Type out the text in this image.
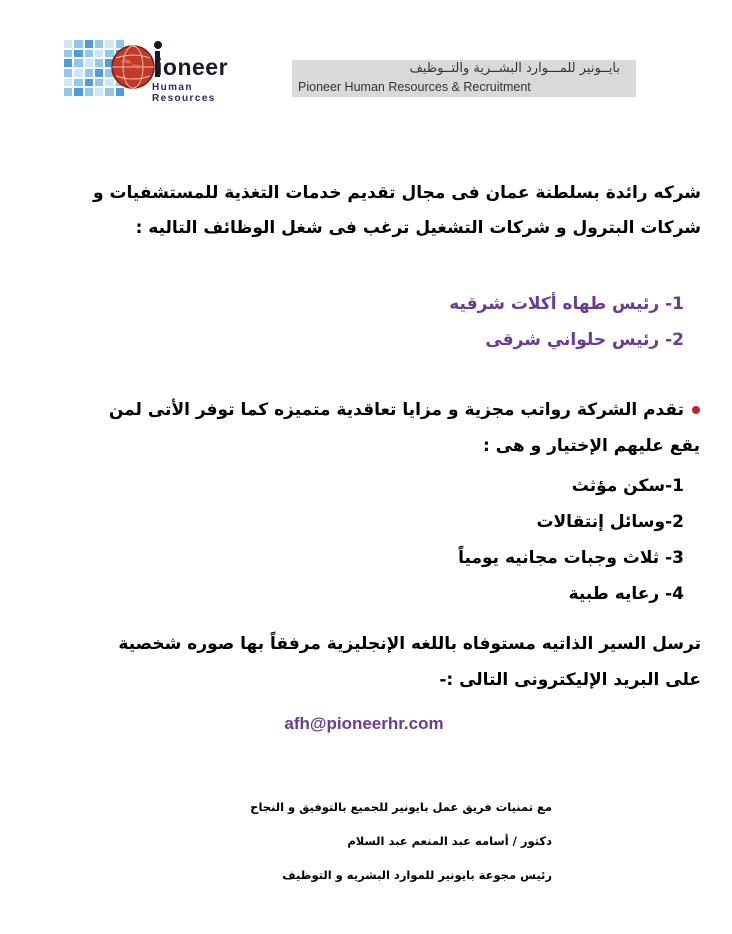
ioneer
Human Resources
بايــونير للمـــوارد البشــرية والتــوظيف
Pioneer Human Resources & Recruitment
شركه رائدة بسلطنة عمان فى مجال تقديم خدمات التغذية للمستشفيات و
شركات البترول و شركات التشغيل ترغب فى شغل الوظائف التاليه :
1- رئيس طهاه أكلات شرقيه
2- رئيس حلواني شرقى
تقدم الشركة رواتب مجزية و مزايا تعاقدية متميزه كما توفر الأتى لمن
يقع عليهم الإختيار و هى :
1-سكن مؤثث
2-وسائل إنتقالات
3- ثلاث وجبات مجانيه يومياً
4- رعايه طبية
ترسل السير الذاتيه مستوفاه باللغه الإنجليزية مرفقاً بها صوره شخصية
على البريد الإليكترونى التالى :-
afh@pioneerhr.com
مع تمنيات فريق عمل بايونير للجميع بالتوفيق و النجاح
دكتور / أسامه عبد المنعم عبد السلام
رئيس مجوعة بايونير للموارد البشريه و التوظيف
